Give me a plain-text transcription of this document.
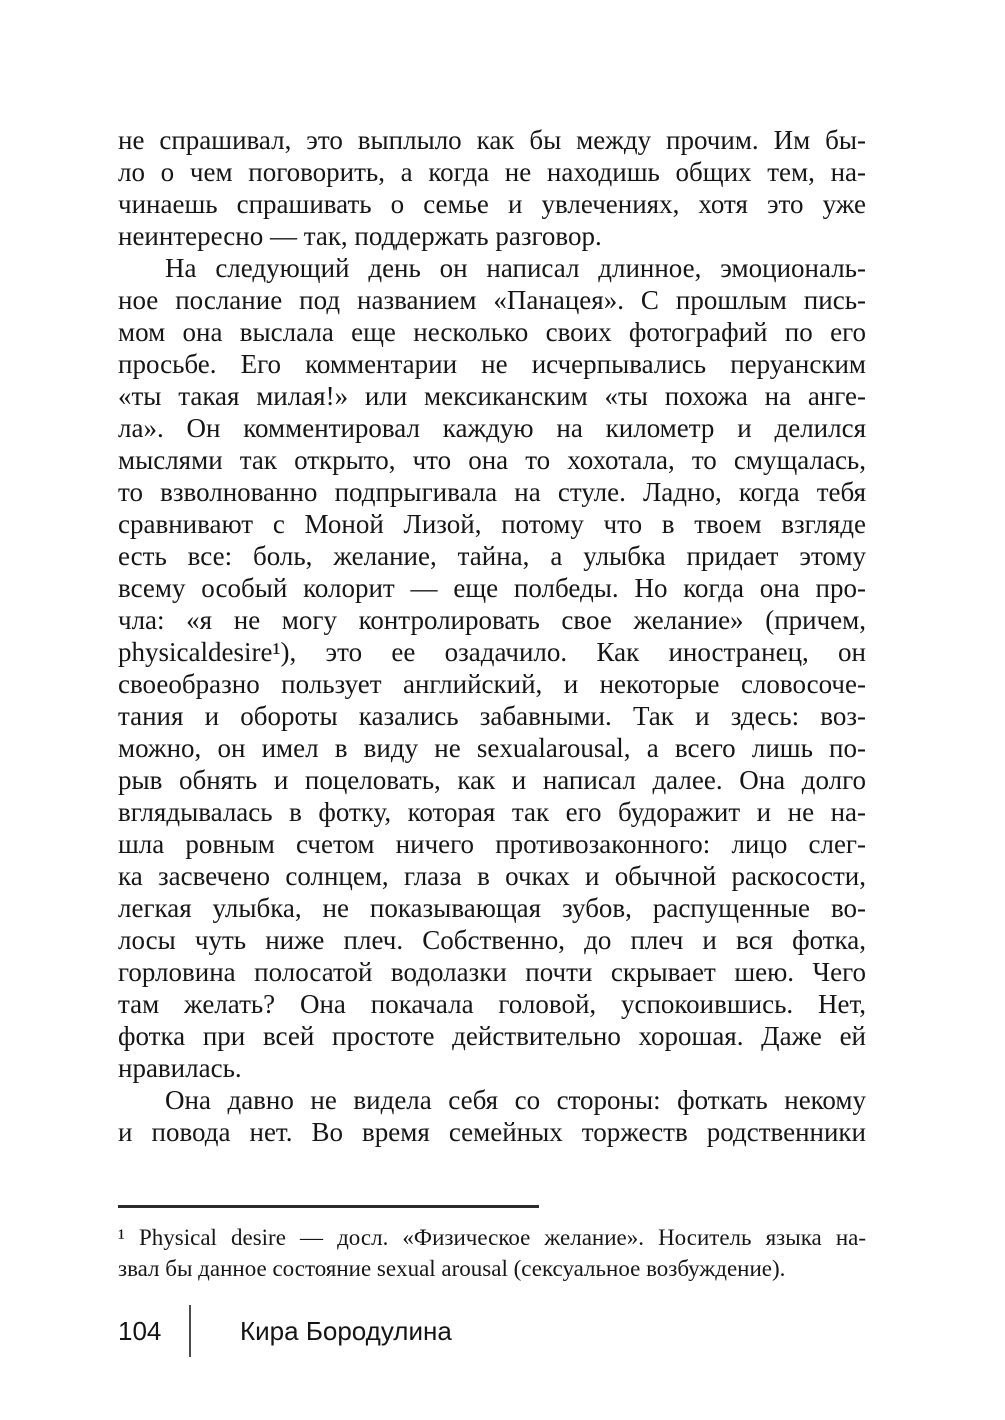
не спрашивал, это выплыло как бы между прочим. Им бы-
ло о чем поговорить, а когда не находишь общих тем, на-
чинаешь спрашивать о семье и увлечениях, хотя это уже
неинтересно — так, поддержать разговор.
На следующий день он написал длинное, эмоциональ-
ное послание под названием «Панацея». С прошлым пись-
мом она выслала еще несколько своих фотографий по его
просьбе. Его комментарии не исчерпывались перуанским
«ты такая милая!» или мексиканским «ты похожа на анге-
ла». Он комментировал каждую на километр и делился
мыслями так открыто, что она то хохотала, то смущалась,
то взволнованно подпрыгивала на стуле. Ладно, когда тебя
сравнивают с Моной Лизой, потому что в твоем взгляде
есть все: боль, желание, тайна, а улыбка придает этому
всему особый колорит — еще полбеды. Но когда она про-
чла: «я не могу контролировать свое желание» (причем,
physicaldesire¹), это ее озадачило. Как иностранец, он
своеобразно пользует английский, и некоторые словосоче-
тания и обороты казались забавными. Так и здесь: воз-
можно, он имел в виду не sexualarousal, а всего лишь по-
рыв обнять и поцеловать, как и написал далее. Она долго
вглядывалась в фотку, которая так его будоражит и не на-
шла ровным счетом ничего противозаконного: лицо слег-
ка засвечено солнцем, глаза в очках и обычной раскосости,
легкая улыбка, не показывающая зубов, распущенные во-
лосы чуть ниже плеч. Собственно, до плеч и вся фотка,
горловина полосатой водолазки почти скрывает шею. Чего
там желать? Она покачала головой, успокоившись. Нет,
фотка при всей простоте действительно хорошая. Даже ей
нравилась.
Она давно не видела себя со стороны: фоткать некому
и повода нет. Во время семейных торжеств родственники
¹ Physical desire — досл. «Физическое желание». Носитель языка на-
звал бы данное состояние sexual arousal (сексуальное возбуждение).
104	Кира Бородулина
